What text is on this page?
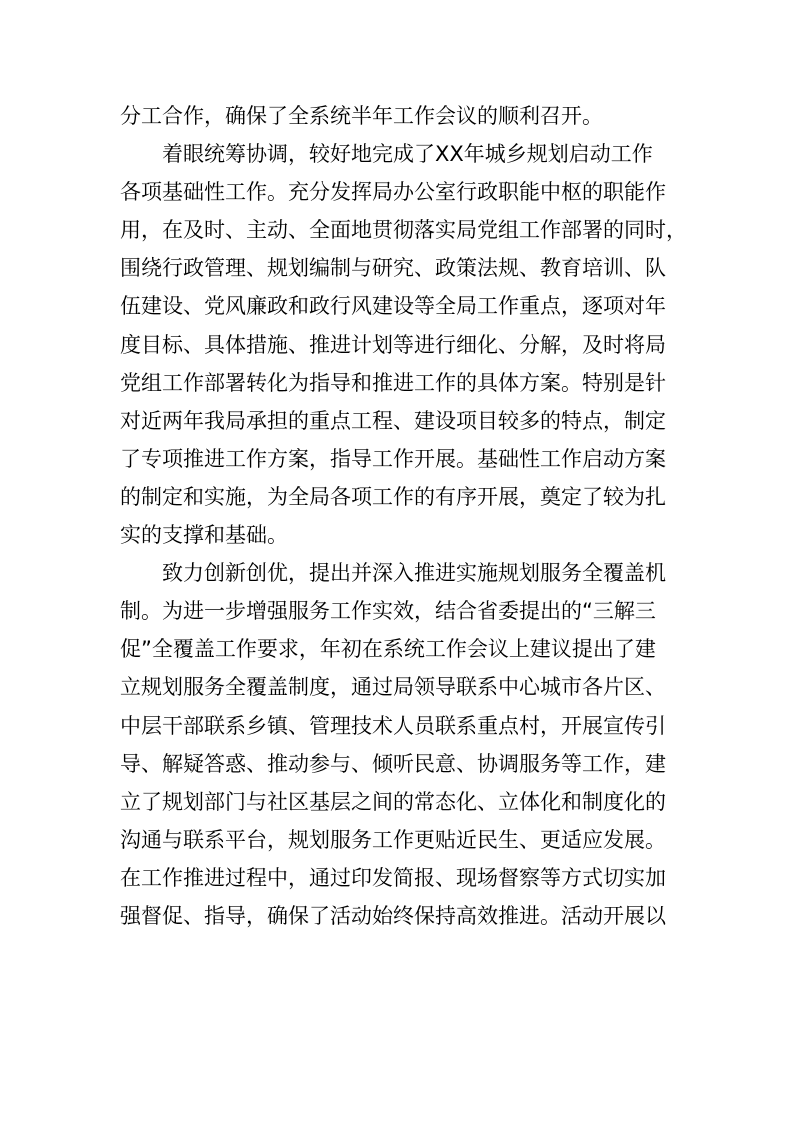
分工合作，确保了全系统半年工作会议的顺利召开。
着眼统筹协调，较好地完成了XX年城乡规划启动工作
各项基础性工作。充分发挥局办公室行政职能中枢的职能作
用，在及时、主动、全面地贯彻落实局党组工作部署的同时，
围绕行政管理、规划编制与研究、政策法规、教育培训、队
伍建设、党风廉政和政行风建设等全局工作重点，逐项对年
度目标、具体措施、推进计划等进行细化、分解，及时将局
党组工作部署转化为指导和推进工作的具体方案。特别是针
对近两年我局承担的重点工程、建设项目较多的特点，制定
了专项推进工作方案，指导工作开展。基础性工作启动方案
的制定和实施，为全局各项工作的有序开展，奠定了较为扎
实的支撑和基础。
致力创新创优，提出并深入推进实施规划服务全覆盖机
制。为进一步增强服务工作实效，结合省委提出的“三解三
促”全覆盖工作要求，年初在系统工作会议上建议提出了建
立规划服务全覆盖制度，通过局领导联系中心城市各片区、
中层干部联系乡镇、管理技术人员联系重点村，开展宣传引
导、解疑答惑、推动参与、倾听民意、协调服务等工作，建
立了规划部门与社区基层之间的常态化、立体化和制度化的
沟通与联系平台，规划服务工作更贴近民生、更适应发展。
在工作推进过程中，通过印发简报、现场督察等方式切实加
强督促、指导，确保了活动始终保持高效推进。活动开展以
